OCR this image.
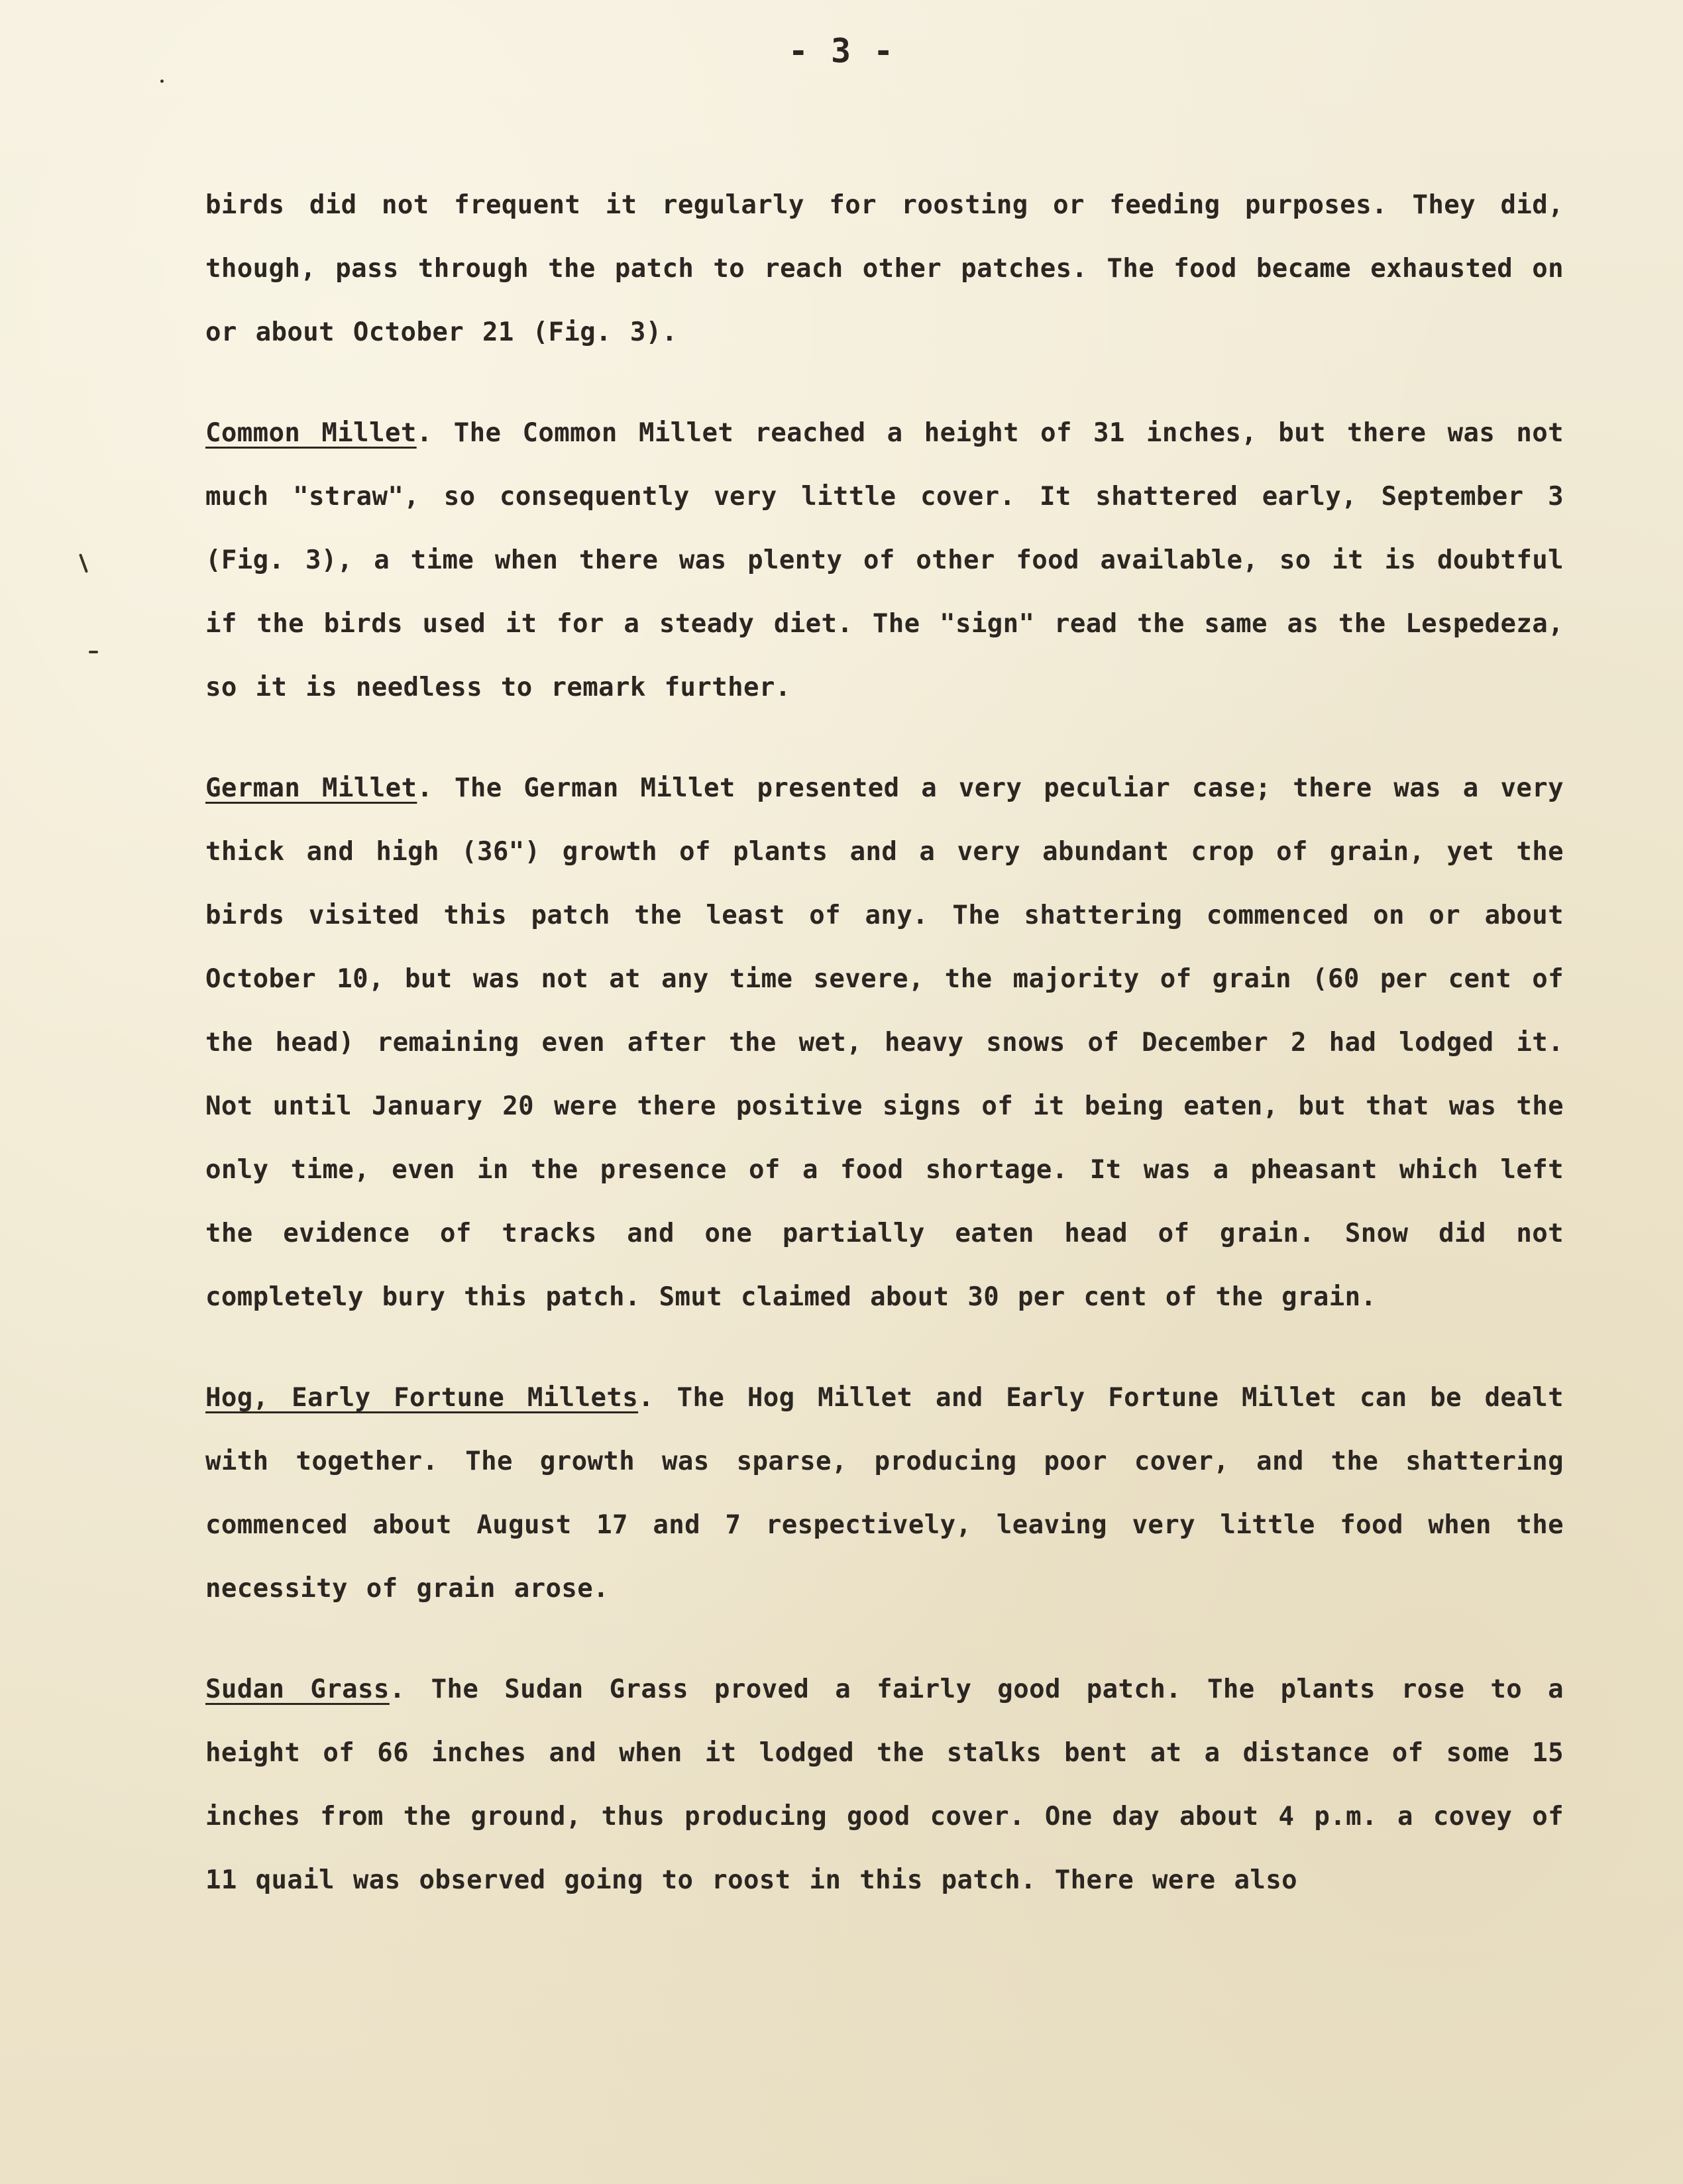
- 3 -

birds did not frequent it regularly for roosting or feeding purposes. They did, though, pass through the patch to reach other patches. The food became exhausted on or about October 21 (Fig. 3).

Common Millet. The Common Millet reached a height of 31 inches, but there was not much "straw", so consequently very little cover. It shattered early, September 3 (Fig. 3), a time when there was plenty of other food available, so it is doubtful if the birds used it for a steady diet. The "sign" read the same as the Lespedeza, so it is needless to remark further.

German Millet. The German Millet presented a very peculiar case; there was a very thick and high (36") growth of plants and a very abundant crop of grain, yet the birds visited this patch the least of any. The shattering commenced on or about October 10, but was not at any time severe, the majority of grain (60 per cent of the head) remaining even after the wet, heavy snows of December 2 had lodged it. Not until January 20 were there positive signs of it being eaten, but that was the only time, even in the presence of a food shortage. It was a pheasant which left the evidence of tracks and one partially eaten head of grain. Snow did not completely bury this patch. Smut claimed about 30 per cent of the grain.

Hog, Early Fortune Millets. The Hog Millet and Early Fortune Millet can be dealt with together. The growth was sparse, producing poor cover, and the shattering commenced about August 17 and 7 respectively, leaving very little food when the necessity of grain arose.

Sudan Grass. The Sudan Grass proved a fairly good patch. The plants rose to a height of 66 inches and when it lodged the stalks bent at a distance of some 15 inches from the ground, thus producing good cover. One day about 4 p.m. a covey of 11 quail was observed going to roost in this patch. There were also
